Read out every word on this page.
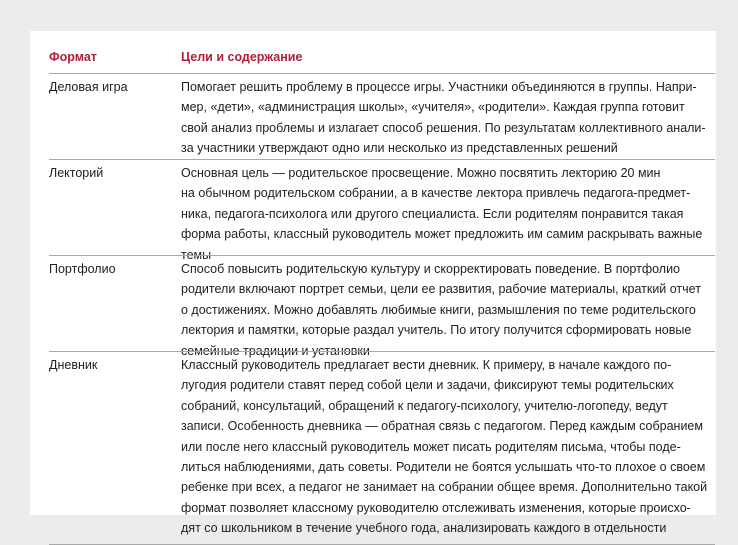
Формат	Цели и содержание
Деловая игра	Помогает решить проблему в процессе игры. Участники объединяются в группы. Напри-
мер, «дети», «администрация школы», «учителя», «родители». Каждая группа готовит
свой анализ проблемы и излагает способ решения. По результатам коллективного анали-
за участники утверждают одно или несколько из представленных решений
Лекторий	Основная цель — родительское просвещение. Можно посвятить лекторию 20 мин
на обычном родительском собрании, а в качестве лектора привлечь педагога-предмет-
ника, педагога-психолога или другого специалиста. Если родителям понравится такая
форма работы, классный руководитель может предложить им самим раскрывать важные
темы
Портфолио	Способ повысить родительскую культуру и скорректировать поведение. В портфолио
родители включают портрет семьи, цели ее развития, рабочие материалы, краткий отчет
о достижениях. Можно добавлять любимые книги, размышления по теме родительского
лектория и памятки, которые раздал учитель. По итогу получится сформировать новые
семейные традиции и установки
Дневник	Классный руководитель предлагает вести дневник. К примеру, в начале каждого по-
лугодия родители ставят перед собой цели и задачи, фиксируют темы родительских
собраний, консультаций, обращений к педагогу-психологу, учителю-логопеду, ведут
записи. Особенность дневника — обратная связь с педагогом. Перед каждым собранием
или после него классный руководитель может писать родителям письма, чтобы поде-
литься наблюдениями, дать советы. Родители не боятся услышать что-то плохое о своем
ребенке при всех, а педагог не занимает на собрании общее время. Дополнительно такой
формат позволяет классному руководителю отслеживать изменения, которые происхо-
дят со школьником в течение учебного года, анализировать каждого в отдельности
